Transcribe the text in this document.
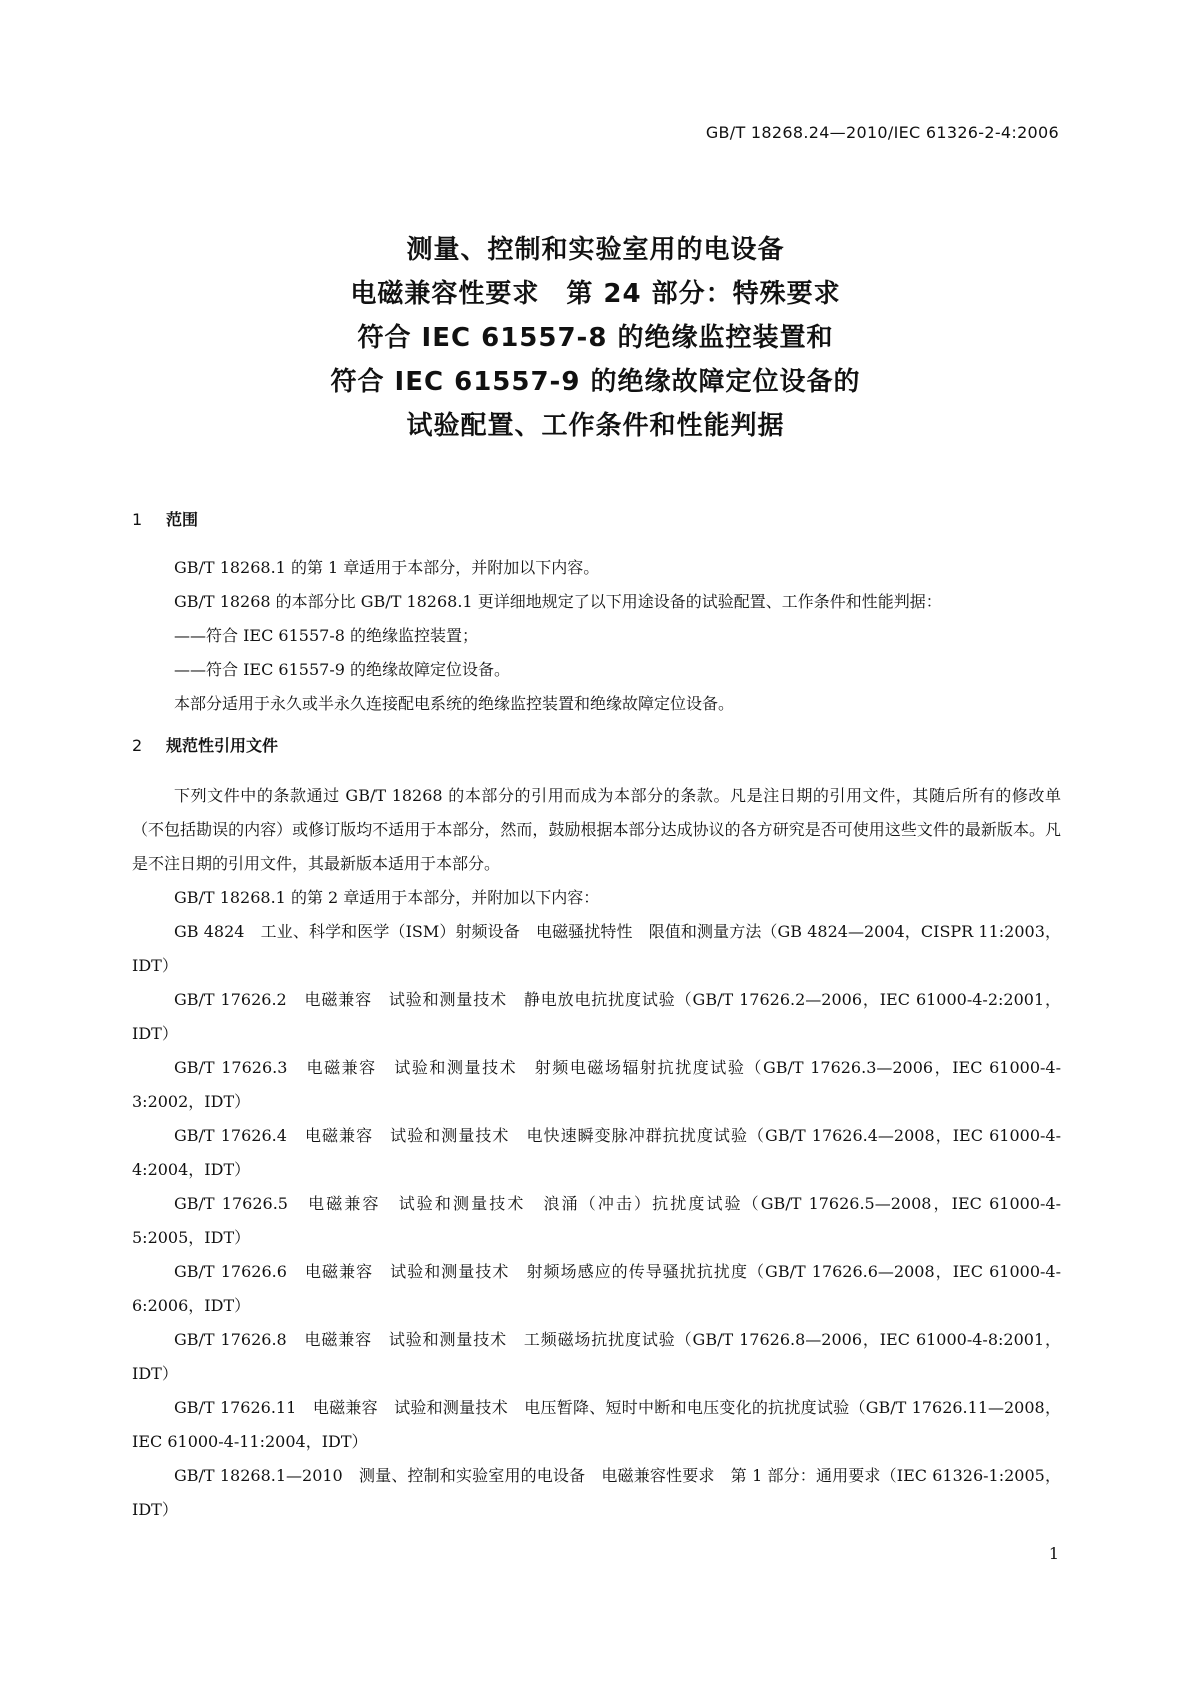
GB/T 18268.24—2010/IEC 61326-2-4:2006
测量、控制和实验室用的电设备
电磁兼容性要求　第 24 部分：特殊要求
符合 IEC 61557-8 的绝缘监控装置和
符合 IEC 61557-9 的绝缘故障定位设备的
试验配置、工作条件和性能判据
1 范围

GB/T 18268.1 的第 1 章适用于本部分，并附加以下内容。

GB/T 18268 的本部分比 GB/T 18268.1 更详细地规定了以下用途设备的试验配置、工作条件和性能判据：

——符合 IEC 61557-8 的绝缘监控装置；

——符合 IEC 61557-9 的绝缘故障定位设备。

本部分适用于永久或半永久连接配电系统的绝缘监控装置和绝缘故障定位设备。

2 规范性引用文件

下列文件中的条款通过 GB/T 18268 的本部分的引用而成为本部分的条款。凡是注日期的引用文件，其随后所有的修改单（不包括勘误的内容）或修订版均不适用于本部分，然而，鼓励根据本部分达成协议的各方研究是否可使用这些文件的最新版本。凡是不注日期的引用文件，其最新版本适用于本部分。

GB/T 18268.1 的第 2 章适用于本部分，并附加以下内容：

GB 4824　工业、科学和医学（ISM）射频设备　电磁骚扰特性　限值和测量方法（GB 4824—2004，CISPR 11:2003，IDT）

GB/T 17626.2　电磁兼容　试验和测量技术　静电放电抗扰度试验（GB/T 17626.2—2006，IEC 61000-4-2:2001，IDT）

GB/T 17626.3　电磁兼容　试验和测量技术　射频电磁场辐射抗扰度试验（GB/T 17626.3—2006，IEC 61000-4-3:2002，IDT）

GB/T 17626.4　电磁兼容　试验和测量技术　电快速瞬变脉冲群抗扰度试验（GB/T 17626.4—2008，IEC 61000-4-4:2004，IDT）

GB/T 17626.5　电磁兼容　试验和测量技术　浪涌（冲击）抗扰度试验（GB/T 17626.5—2008，IEC 61000-4-5:2005，IDT）

GB/T 17626.6　电磁兼容　试验和测量技术　射频场感应的传导骚扰抗扰度（GB/T 17626.6—2008，IEC 61000-4-6:2006，IDT）

GB/T 17626.8　电磁兼容　试验和测量技术　工频磁场抗扰度试验（GB/T 17626.8—2006，IEC 61000-4-8:2001，IDT）

GB/T 17626.11　电磁兼容　试验和测量技术　电压暂降、短时中断和电压变化的抗扰度试验（GB/T 17626.11—2008，IEC 61000-4-11:2004，IDT）

GB/T 18268.1—2010　测量、控制和实验室用的电设备　电磁兼容性要求　第 1 部分：通用要求（IEC 61326-1:2005，IDT）

1
